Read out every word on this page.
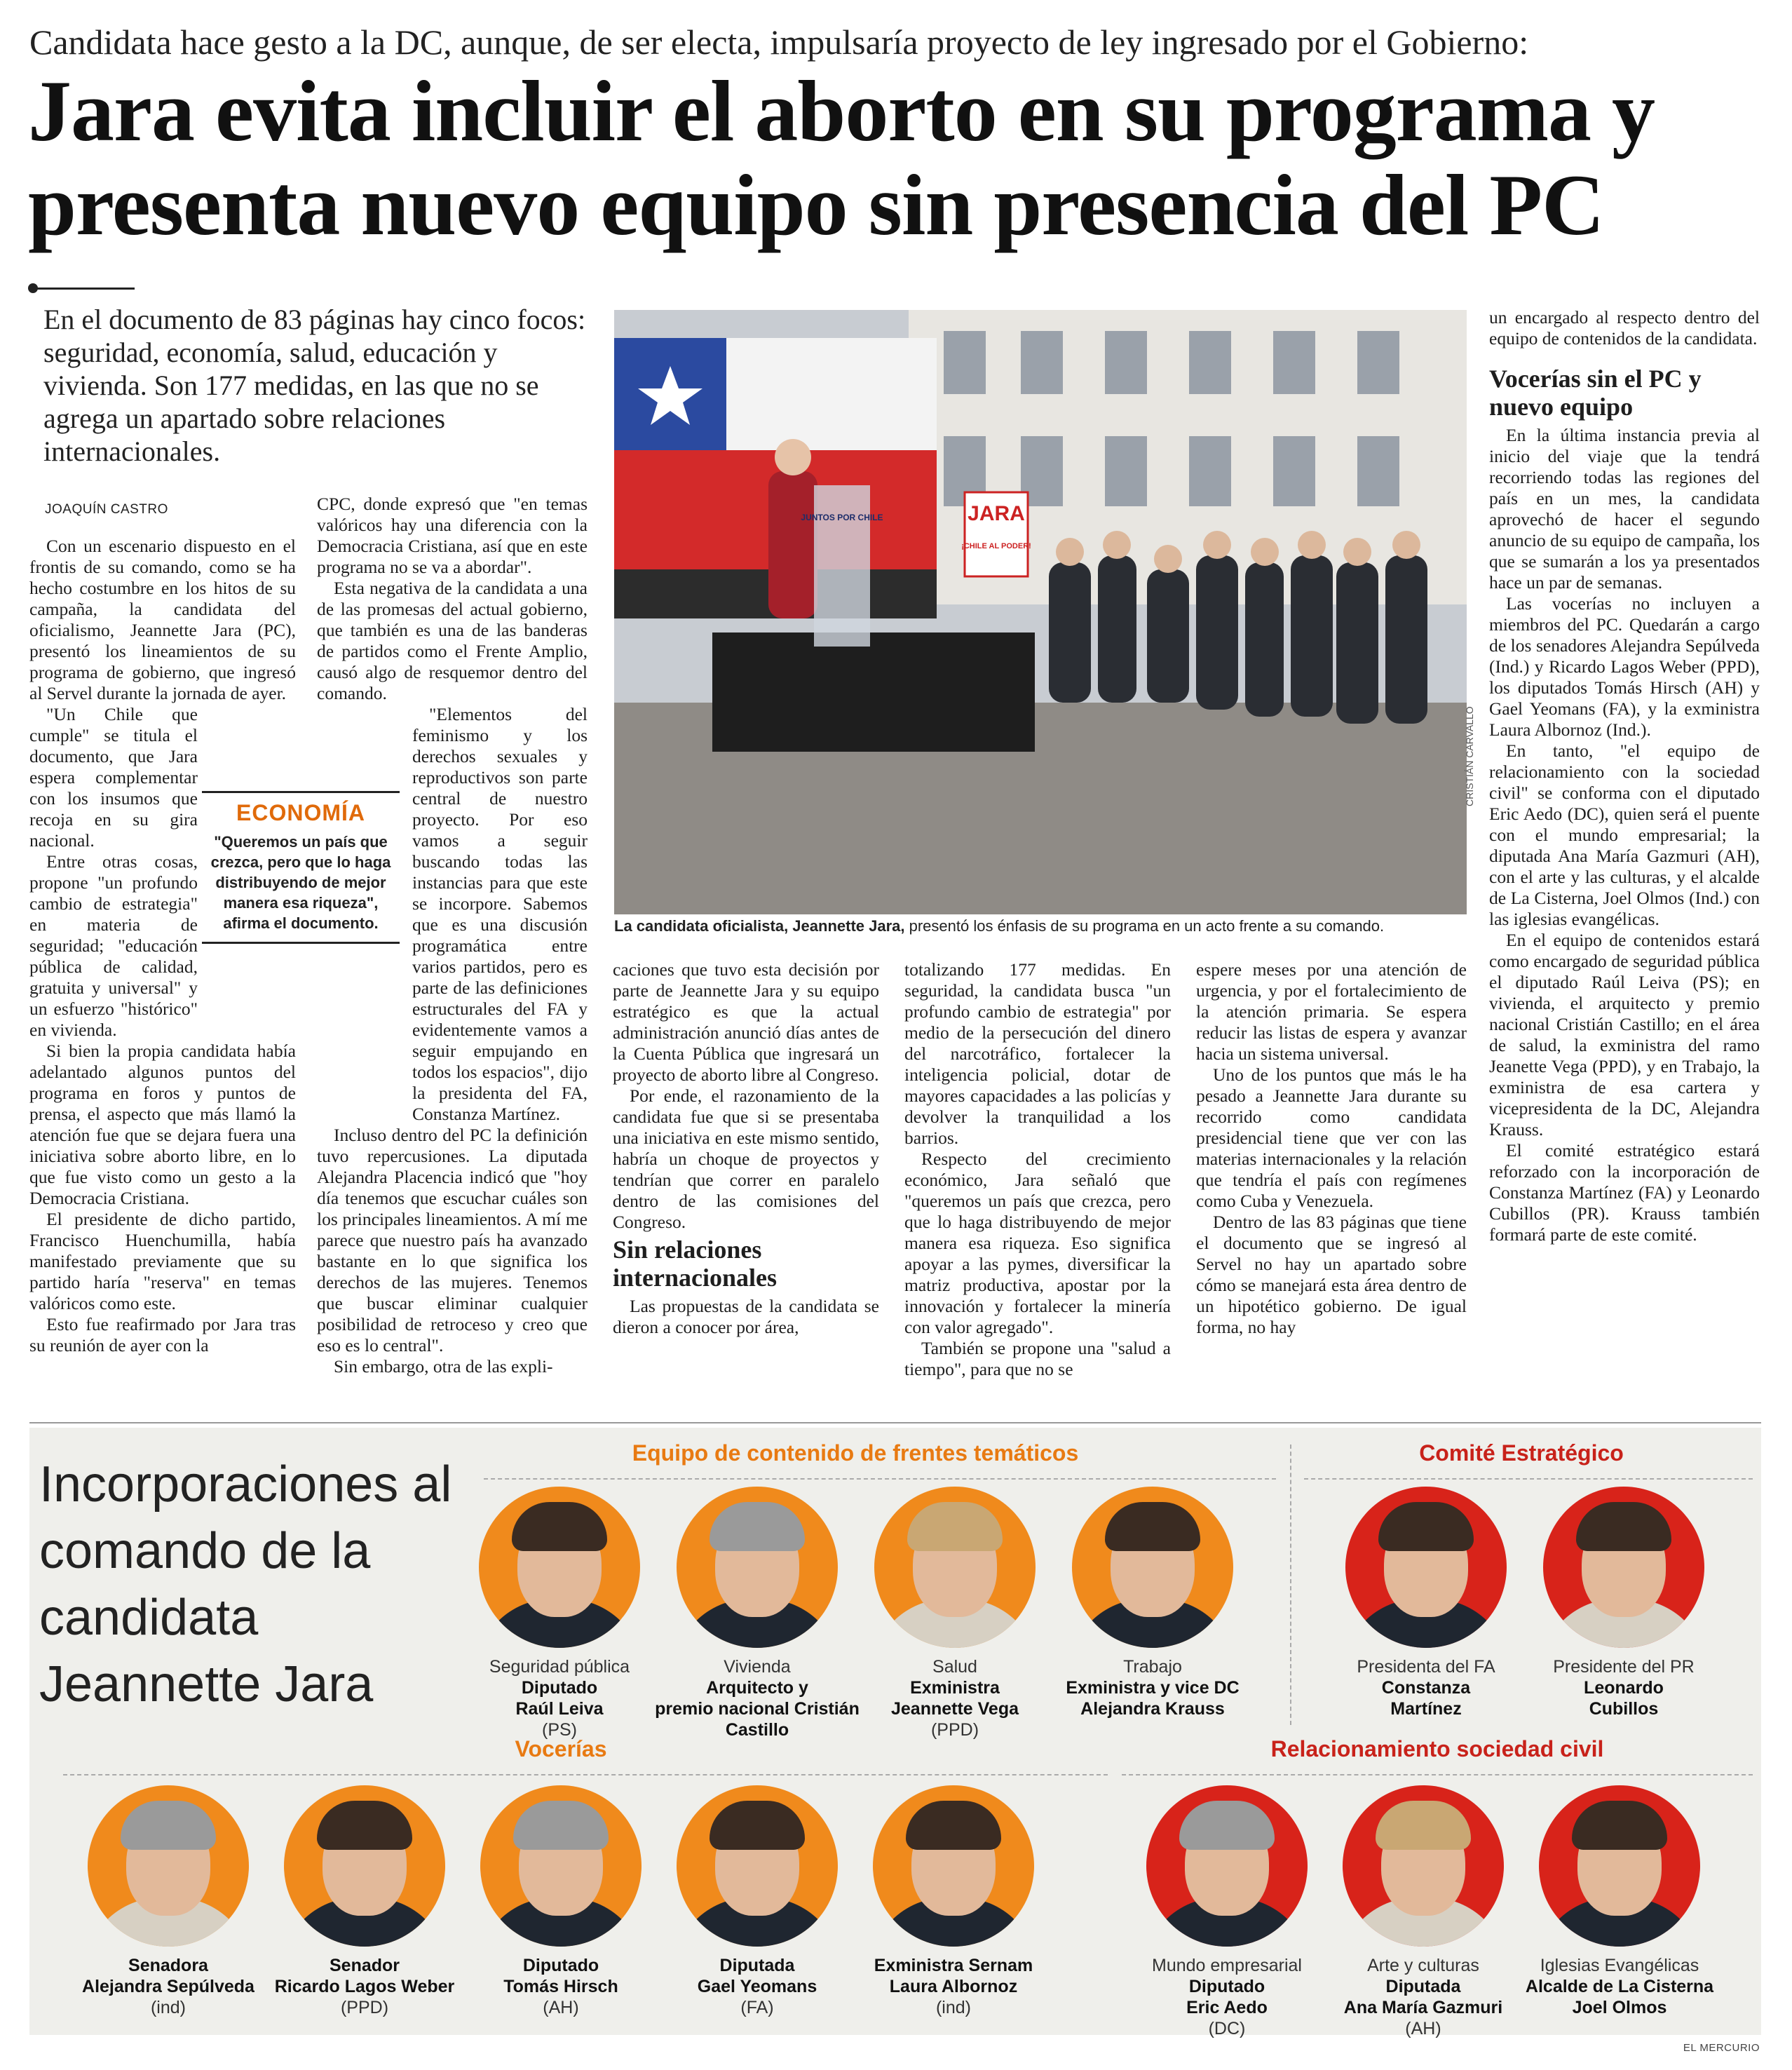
Candidata hace gesto a la DC, aunque, de ser electa, impulsaría proyecto de ley ingresado por el Gobierno:
Jara evita incluir el aborto en su programa y presenta nuevo equipo sin presencia del PC
En el documento de 83 páginas hay cinco focos: seguridad, economía, salud, educación y vivienda. Son 177 medidas, en las que no se agrega un apartado sobre relaciones internacionales.
JOAQUÍN CASTRO

Con un escenario dispuesto en el frontis de su comando, como se ha hecho costumbre en los hitos de su campaña, la candidata del oficialismo, Jeannette Jara (PC), presentó los lineamientos de su programa de gobierno, que ingresó al Servel durante la jornada de ayer.

"Un Chile que cumple" se titula el documento, que Jara espera complementar con los insumos que recoja en su gira nacional.

Entre otras cosas, propone "un profundo cambio de estrategia" en materia de seguridad; "educación pública de calidad, gratuita y universal" y un esfuerzo "histórico" en vivienda.

Si bien la propia candidata había adelantado algunos puntos del programa en foros y puntos de prensa, el aspecto que más llamó la atención fue que se dejara fuera una iniciativa sobre aborto libre, en lo que fue visto como un gesto a la Democracia Cristiana.

El presidente de dicho partido, Francisco Huenchumilla, había manifestado previamente que su partido haría "reserva" en temas valóricos como este.

Esto fue reafirmado por Jara tras su reunión de ayer con la

CPC, donde expresó que "en temas valóricos hay una diferencia con la Democracia Cristiana, así que en este programa no se va a abordar".

Esta negativa de la candidata a una de las promesas del actual gobierno, que también es una de las banderas de partidos como el Frente Amplio, causó algo de resquemor dentro del comando.

"Elementos del feminismo y los derechos sexuales y reproductivos son parte central de nuestro proyecto. Por eso vamos a seguir buscando todas las instancias para que este se incorpore. Sabemos que es una discusión programática entre varios partidos, pero es parte de las definiciones estructurales del FA y evidentemente vamos a seguir empujando en todos los espacios", dijo la presidenta del FA, Constanza Martínez.

Incluso dentro del PC la definición tuvo repercusiones. La diputada Alejandra Placencia indicó que "hoy día tenemos que escuchar cuáles son los principales lineamientos. A mí me parece que nuestro país ha avanzado bastante en lo que significa los derechos de las mujeres. Tenemos que buscar eliminar cualquier posibilidad de retroceso y creo que eso es lo central".

Sin embargo, otra de las expli-

ECONOMÍA
"Queremos un país que crezca, pero que lo haga distribuyendo de mejor manera esa riqueza", afirma el documento.
JARA
¡CHILE AL PODER!
JUNTOS POR CHILE
CRISTIÁN CARVALLO
La candidata oficialista, Jeannette Jara, presentó los énfasis de su programa en un acto frente a su comando.

caciones que tuvo esta decisión por parte de Jeannette Jara y su equipo estratégico es que la actual administración anunció días antes de la Cuenta Pública que ingresará un proyecto de aborto libre al Congreso.

Por ende, el razonamiento de la candidata fue que si se presentaba una iniciativa en este mismo sentido, habría un choque de proyectos y tendrían que correr en paralelo dentro de las comisiones del Congreso.

Sin relaciones internacionales

Las propuestas de la candidata se dieron a conocer por área,

totalizando 177 medidas. En seguridad, la candidata busca "un profundo cambio de estrategia" por medio de la persecución del dinero del narcotráfico, fortalecer la inteligencia policial, dotar de mayores capacidades a las policías y devolver la tranquilidad a los barrios.

Respecto del crecimiento económico, Jara señaló que "queremos un país que crezca, pero que lo haga distribuyendo de mejor manera esa riqueza. Eso significa apoyar a las pymes, diversificar la matriz productiva, apostar por la innovación y fortalecer la minería con valor agregado".

También se propone una "salud a tiempo", para que no se

espere meses por una atención de urgencia, y por el fortalecimiento de la atención primaria. Se espera reducir las listas de espera y avanzar hacia un sistema universal.

Uno de los puntos que más le ha pesado a Jeannette Jara durante su recorrido como candidata presidencial tiene que ver con las materias internacionales y la relación que tendría el país con regímenes como Cuba y Venezuela.

Dentro de las 83 páginas que tiene el documento que se ingresó al Servel no hay un apartado sobre cómo se manejará esta área dentro de un hipotético gobierno. De igual forma, no hay

un encargado al respecto dentro del equipo de contenidos de la candidata.

Vocerías sin el PC y nuevo equipo

En la última instancia previa al inicio del viaje que la tendrá recorriendo todas las regiones del país en un mes, la candidata aprovechó de hacer el segundo anuncio de su equipo de campaña, los que se sumarán a los ya presentados hace un par de semanas.

Las vocerías no incluyen a miembros del PC. Quedarán a cargo de los senadores Alejandra Sepúlveda (Ind.) y Ricardo Lagos Weber (PPD), los diputados Tomás Hirsch (AH) y Gael Yeomans (FA), y la exministra Laura Albornoz (Ind.).

En tanto, "el equipo de relacionamiento con la sociedad civil" se conforma con el diputado Eric Aedo (DC), quien será el puente con el mundo empresarial; la diputada Ana María Gazmuri (AH), con el arte y las culturas, y el alcalde de La Cisterna, Joel Olmos (Ind.) con las iglesias evangélicas.

En el equipo de contenidos estará como encargado de seguridad pública el diputado Raúl Leiva (PS); en vivienda, el arquitecto y premio nacional Cristián Castillo; en el área de salud, la exministra del ramo Jeanette Vega (PPD), y en Trabajo, la exministra de esa cartera y vicepresidenta de la DC, Alejandra Krauss.

El comité estratégico estará reforzado con la incorporación de Constanza Martínez (FA) y Leonardo Cubillos (PR). Krauss también formará parte de este comité.

Incorporaciones al comando de la candidata Jeannette Jara
Equipo de contenido de frentes temáticos	Comité Estratégico
Vocerías	Relacionamiento sociedad civil
Seguridad pública
Diputado
Raúl Leiva
(PS)
Vivienda
Arquitecto y
premio nacional Cristián Castillo
Salud
Exministra
Jeannette Vega
(PPD)
Trabajo
Exministra y vice DC
Alejandra Krauss
Presidenta del FA
Constanza
Martínez
Presidente del PR
Leonardo
Cubillos
Senadora
Alejandra Sepúlveda
(ind)
Senador
Ricardo Lagos Weber
(PPD)
Diputado
Tomás Hirsch
(AH)
Diputada
Gael Yeomans
(FA)
Exministra Sernam
Laura Albornoz
(ind)
Mundo empresarial
Diputado
Eric Aedo
(DC)
Arte y culturas
Diputada
Ana María Gazmuri
(AH)
Iglesias Evangélicas
Alcalde de La Cisterna
Joel Olmos
EL MERCURIO
